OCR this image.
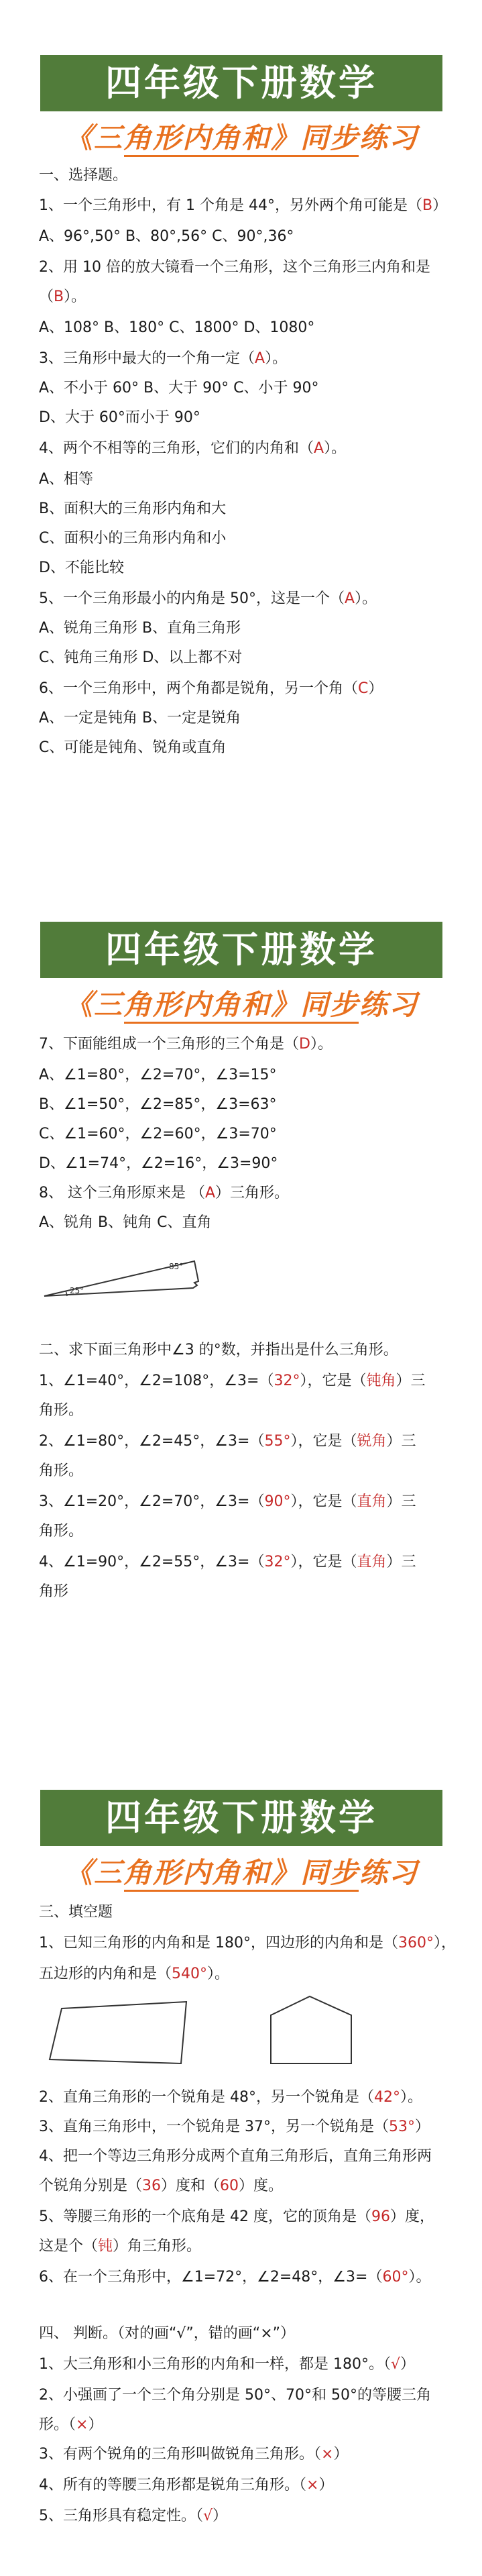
四年级下册数学
《三角形内角和》同步练习
一、选择题。
1、一个三角形中，有 1 个角是 44°，另外两个角可能是（B）
A、96°,50° B、80°,56° C、90°,36°
2、用 10 倍的放大镜看一个三角形，这个三角形三内角和是
（B）。
A、108° B、180° C、1800° D、1080°
3、三角形中最大的一个角一定（A）。
A、不小于 60° B、大于 90° C、小于 90°
D、大于 60°而小于 90°
4、两个不相等的三角形，它们的内角和（A）。
A、相等
B、面积大的三角形内角和大
C、面积小的三角形内角和小
D、不能比较
5、一个三角形最小的内角是 50°，这是一个（A）。
A、锐角三角形 B、直角三角形
C、钝角三角形 D、以上都不对
6、一个三角形中，两个角都是锐角，另一个角（C）
A、一定是钝角 B、一定是锐角
C、可能是钝角、锐角或直角
四年级下册数学
《三角形内角和》同步练习
7、下面能组成一个三角形的三个角是（D）。
A、∠1=80°，∠2=70°，∠3=15°
B、∠1=50°，∠2=85°，∠3=63°
C、∠1=60°，∠2=60°，∠3=70°
D、∠1=74°，∠2=16°，∠3=90°
8、 这个三角形原来是 （A）三角形。
A、锐角 B、钝角 C、直角
25°
85°
二、求下面三角形中∠3 的°数，并指出是什么三角形。
1、∠1=40°，∠2=108°，∠3=（32°），它是（钝角）三
角形。
2、∠1=80°，∠2=45°，∠3=（55°），它是（锐角）三
角形。
3、∠1=20°，∠2=70°，∠3=（90°），它是（直角）三
角形。
4、∠1=90°，∠2=55°，∠3=（32°），它是（直角）三
角形
四年级下册数学
《三角形内角和》同步练习
三、填空题
1、已知三角形的内角和是 180°，四边形的内角和是（360°），
五边形的内角和是（540°）。
2、直角三角形的一个锐角是 48°，另一个锐角是（42°）。
3、直角三角形中，一个锐角是 37°，另一个锐角是（53°）
4、把一个等边三角形分成两个直角三角形后，直角三角形两
个锐角分别是（36）度和（60）度。
5、等腰三角形的一个底角是 42 度，它的顶角是（96）度，
这是个（钝）角三角形。
6、在一个三角形中，∠1=72°，∠2=48°，∠3=（60°）。
四、 判断。（对的画“√”，错的画“×”）
1、大三角形和小三角形的内角和一样，都是 180°。（√）
2、小强画了一个三个角分别是 50°、70°和 50°的等腰三角
形。（×）
3、有两个锐角的三角形叫做锐角三角形。（×）
4、所有的等腰三角形都是锐角三角形。（×）
5、三角形具有稳定性。（√）
